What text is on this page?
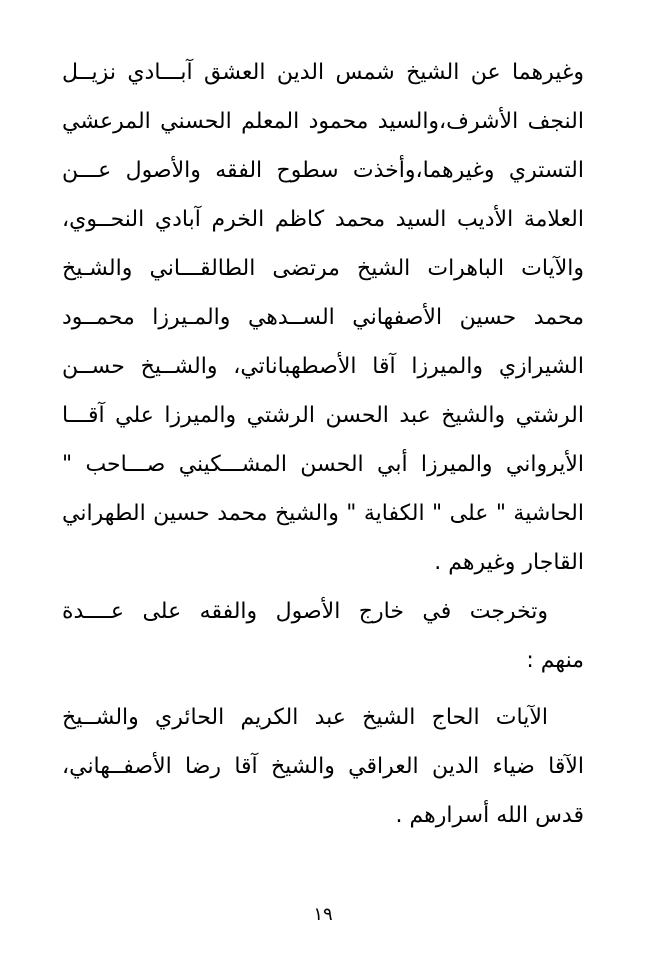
وغيرهما عن الشيخ شمس الدين العشق آبـــادي نزيــل
النجف الأشرف،والسيد محمود المعلم الحسني المرعشي
التستري وغيرهما،وأخذت سطوح الفقه والأصول عـــن
العلامة الأديب السيد محمد كاظم الخرم آبادي النحــوي،
والآيات الباهرات الشيخ مرتضى الطالقـــاني والشـيخ
محمد حسين الأصفهاني الســدهي والمـيرزا محمــود
الشيرازي والميرزا آقا الأصطهباناتي، والشــيخ حســن
الرشتي والشيخ عبد الحسن الرشتي والميرزا علي آقـــا
الأيرواني والميرزا أبي الحسن المشـــكيني صـــاحب "
الحاشية " على " الكفاية " والشيخ محمد حسين الطهراني
القاجار وغيرهم .
وتخرجت في خارج الأصول والفقه على عــــدة
منهم :
الآيات الحاج الشيخ عبد الكريم الحائري والشــيخ
الآقا ضياء الدين العراقي والشيخ آقا رضا الأصفــهاني،
قدس الله أسرارهم .
١٩
